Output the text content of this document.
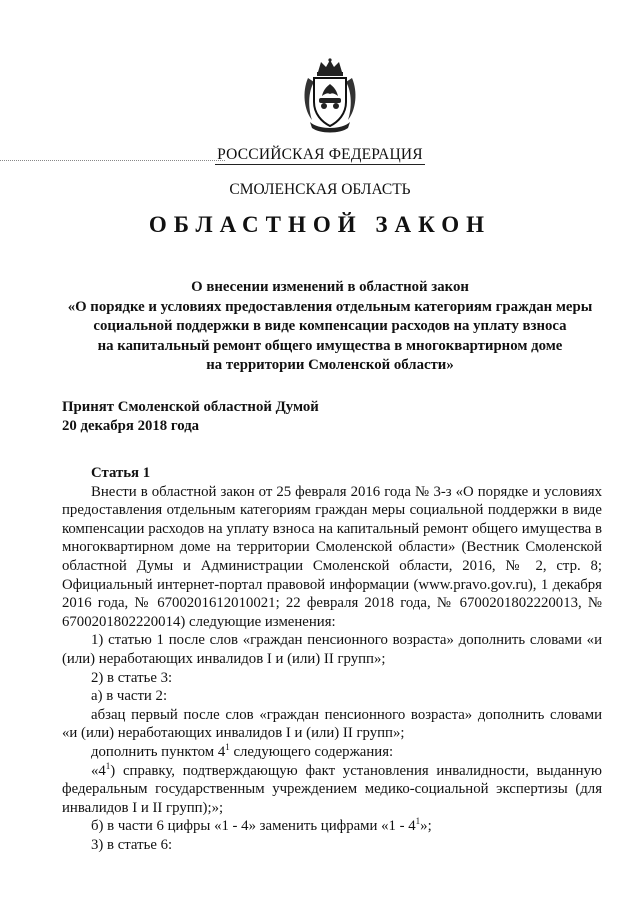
РОССИЙСКАЯ ФЕДЕРАЦИЯ
СМОЛЕНСКАЯ ОБЛАСТЬ
ОБЛАСТНОЙ ЗАКОН
О внесении изменений в областной закон
«О порядке и условиях предоставления отдельным категориям граждан меры
социальной поддержки в виде компенсации расходов на уплату взноса
на капитальный ремонт общего имущества в многоквартирном доме
на территории Смоленской области»
Принят Смоленской областной Думой
20 декабря 2018 года

Статья 1

Внести в областной закон от 25 февраля 2016 года № 3-з «О порядке и условиях предоставления отдельным категориям граждан меры социальной поддержки в виде компенсации расходов на уплату взноса на капитальный ремонт общего имущества в многоквартирном доме на территории Смоленской области» (Вестник Смоленской областной Думы и Администрации Смоленской области, 2016, № 2, стр. 8; Официальный интернет-портал правовой информации (www.pravo.gov.ru), 1 декабря 2016 года, № 6700201612010021; 22 февраля 2018 года, № 6700201802220013, № 6700201802220014) следующие изменения:

1) статью 1 после слов «граждан пенсионного возраста» дополнить словами «и (или) неработающих инвалидов I и (или) II групп»;

2) в статье 3:

а) в части 2:

абзац первый после слов «граждан пенсионного возраста» дополнить словами «и (или) неработающих инвалидов I и (или) II групп»;

дополнить пунктом $4^1$ следующего содержания:

«$4^1$) справку, подтверждающую факт установления инвалидности, выданную федеральным государственным учреждением медико-социальной экспертизы (для инвалидов I и II групп);»;

б) в части 6 цифры «1 - 4» заменить цифрами «$1 - 4^1$»;

3) в статье 6:
